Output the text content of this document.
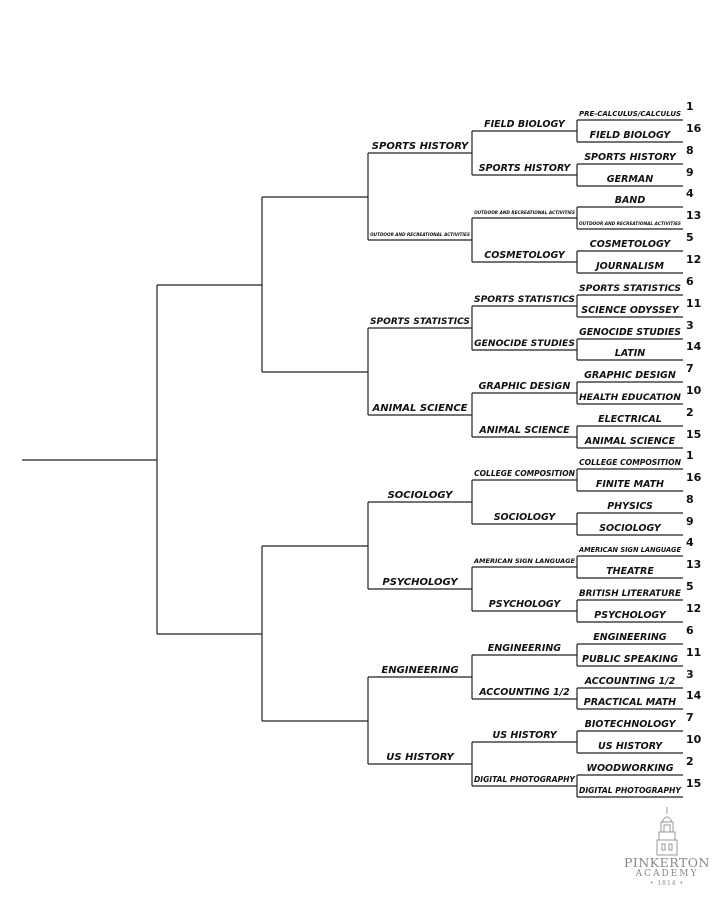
PRE-CALCULUS/CALCULUS
1
FIELD BIOLOGY
16
SPORTS HISTORY
8
GERMAN
9
BAND
4
OUTDOOR AND RECREATIONAL ACTIVITIES
13
COSMETOLOGY
5
JOURNALISM
12
SPORTS STATISTICS
6
SCIENCE ODYSSEY
11
GENOCIDE STUDIES
3
LATIN
14
GRAPHIC DESIGN
7
HEALTH EDUCATION
10
ELECTRICAL
2
ANIMAL SCIENCE
15
COLLEGE COMPOSITION
1
FINITE MATH
16
PHYSICS
8
SOCIOLOGY
9
AMERICAN SIGN LANGUAGE
4
THEATRE
13
BRITISH LITERATURE
5
PSYCHOLOGY
12
ENGINEERING
6
PUBLIC SPEAKING
11
ACCOUNTING 1/2
3
PRACTICAL MATH
14
BIOTECHNOLOGY
7
US HISTORY
10
WOODWORKING
2
DIGITAL PHOTOGRAPHY
15
FIELD BIOLOGY
SPORTS HISTORY
OUTDOOR AND RECREATIONAL ACTIVITIES
COSMETOLOGY
SPORTS STATISTICS
GENOCIDE STUDIES
GRAPHIC DESIGN
ANIMAL SCIENCE
COLLEGE COMPOSITION
SOCIOLOGY
AMERICAN SIGN LANGUAGE
PSYCHOLOGY
ENGINEERING
ACCOUNTING 1/2
US HISTORY
DIGITAL PHOTOGRAPHY
SPORTS HISTORY
OUTDOOR AND RECREATIONAL ACTIVITIES
SPORTS STATISTICS
ANIMAL SCIENCE
SOCIOLOGY
PSYCHOLOGY
ENGINEERING
US HISTORY
PINKERTON
ACADEMY
• 1814 •
